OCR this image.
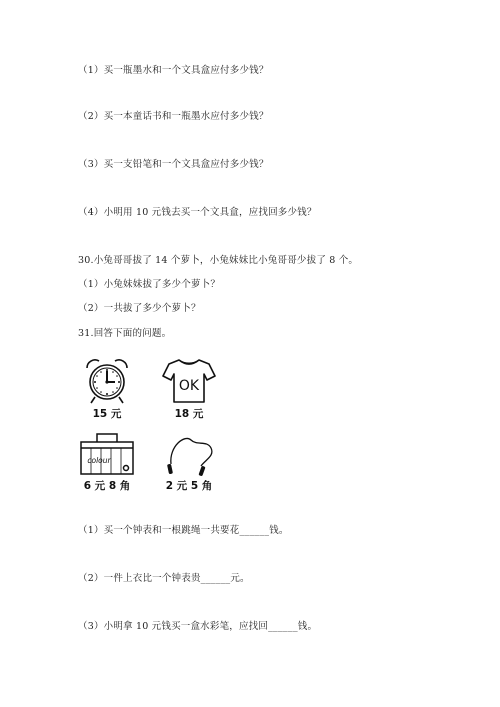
（1）买一瓶墨水和一个文具盒应付多少钱？
（2）买一本童话书和一瓶墨水应付多少钱？
（3）买一支铅笔和一个文具盒应付多少钱？
（4）小明用 10 元钱去买一个文具盒，应找回多少钱？
30.小兔哥哥拔了 14 个萝卜，小兔妹妹比小兔哥哥少拔了 8 个。
（1）小兔妹妹拔了多少个萝卜？
（2）一共拔了多少个萝卜？
31.回答下面的问题。
15 元
OK
18 元
colour
6 元 8 角	2 元 5 角
（1）买一个钟表和一根跳绳一共要花______钱。
（2）一件上衣比一个钟表贵______元。
（3）小明拿 10 元钱买一盒水彩笔，应找回______钱。
